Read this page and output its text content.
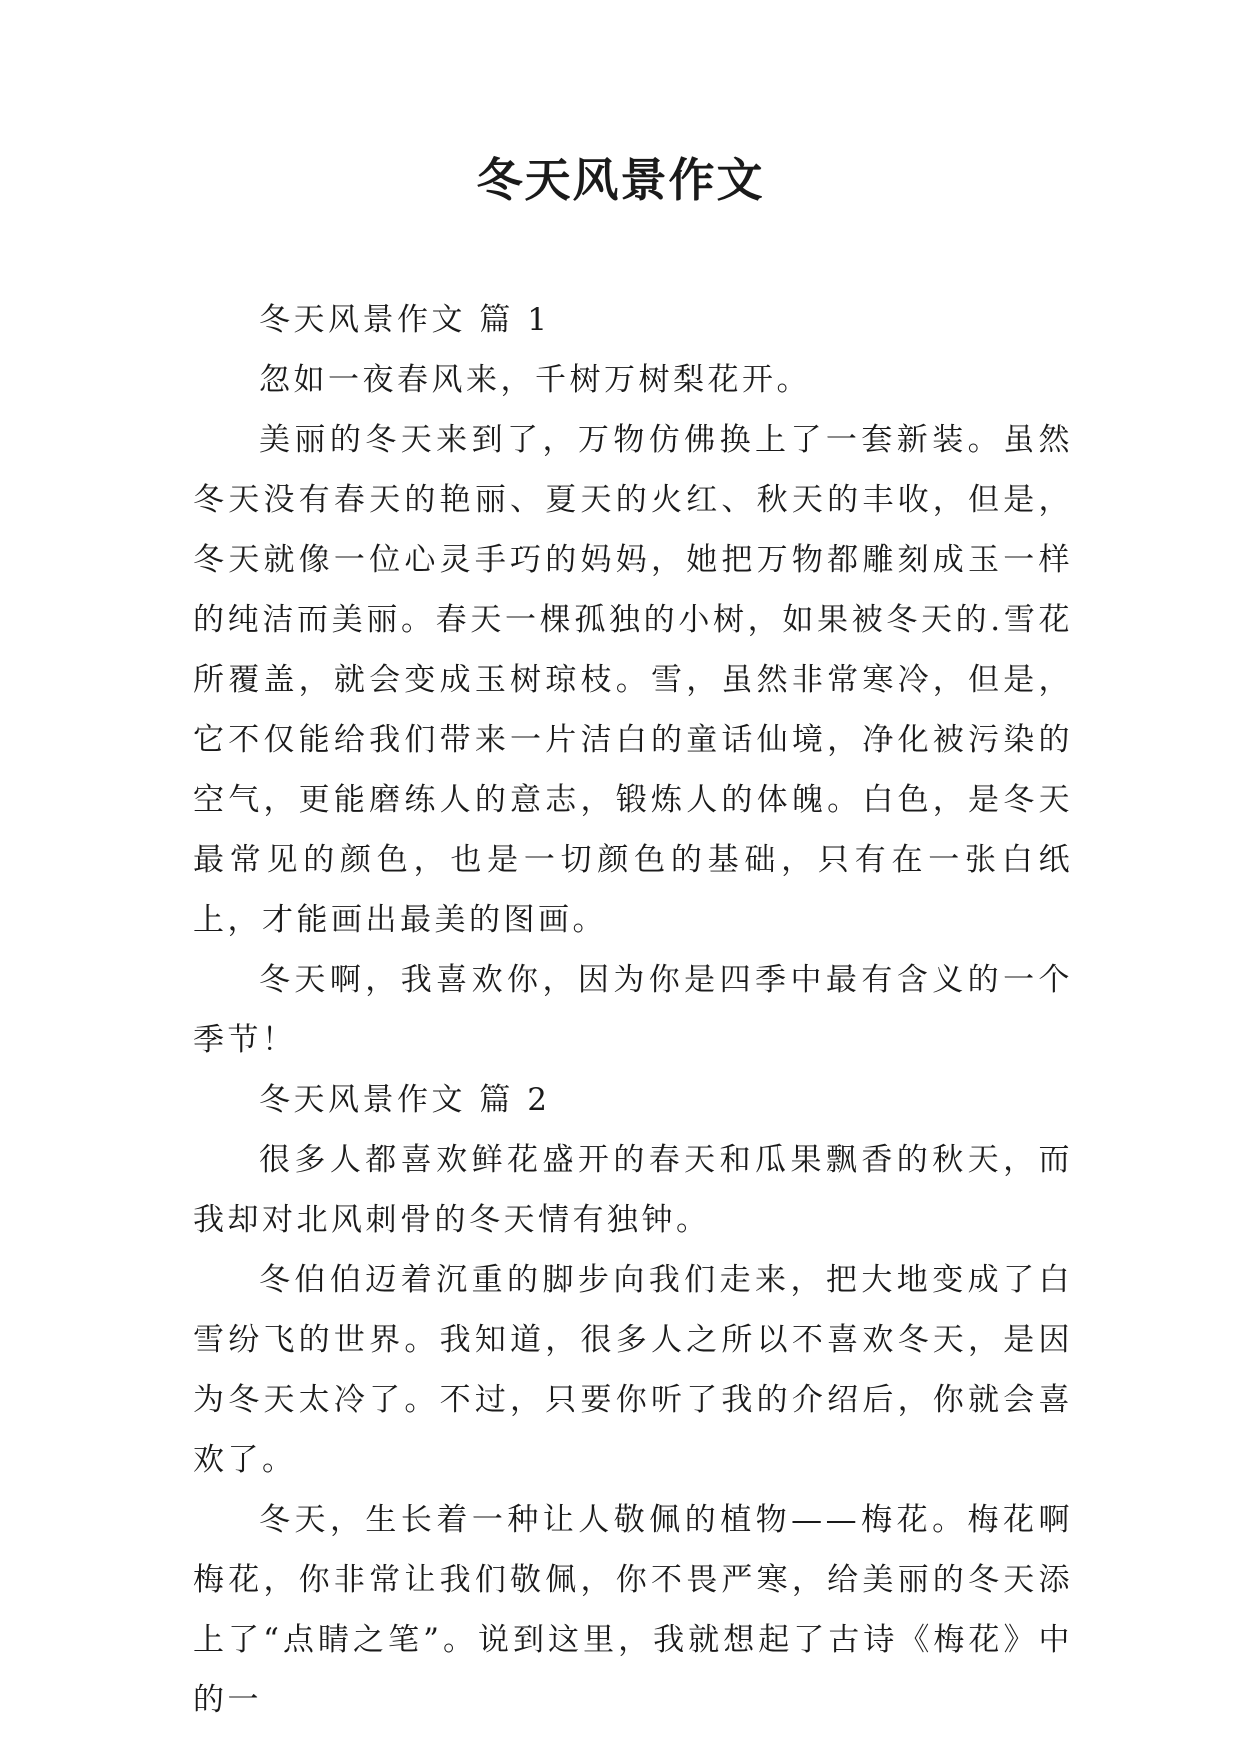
冬天风景作文

冬天风景作文 篇 1

忽如一夜春风来，千树万树梨花开。

美丽的冬天来到了，万物仿佛换上了一套新装。虽然冬天没有春天的艳丽、夏天的火红、秋天的丰收，但是，冬天就像一位心灵手巧的妈妈，她把万物都雕刻成玉一样的纯洁而美丽。春天一棵孤独的小树，如果被冬天的.雪花所覆盖，就会变成玉树琼枝。雪，虽然非常寒冷，但是，它不仅能给我们带来一片洁白的童话仙境，净化被污染的空气，更能磨练人的意志，锻炼人的体魄。白色，是冬天最常见的颜色，也是一切颜色的基础，只有在一张白纸上，才能画出最美的图画。

冬天啊，我喜欢你，因为你是四季中最有含义的一个季节！

冬天风景作文 篇 2

很多人都喜欢鲜花盛开的春天和瓜果飘香的秋天，而我却对北风刺骨的冬天情有独钟。

冬伯伯迈着沉重的脚步向我们走来，把大地变成了白雪纷飞的世界。我知道，很多人之所以不喜欢冬天，是因为冬天太冷了。不过，只要你听了我的介绍后，你就会喜欢了。

冬天，生长着一种让人敬佩的植物——梅花。梅花啊梅花，你非常让我们敬佩，你不畏严寒，给美丽的冬天添上了“点睛之笔”。说到这里，我就想起了古诗《梅花》中的一
